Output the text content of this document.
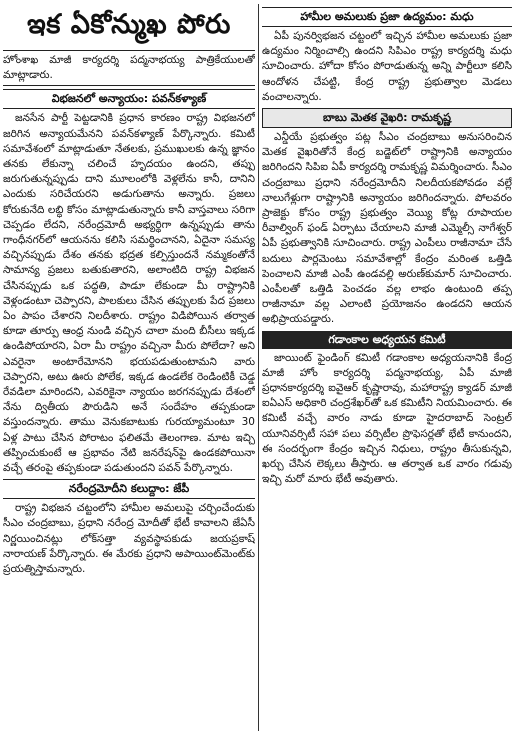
ఇక ఏకోన్ముఖ పోరు

హోంశాఖ మాజీ కార్యదర్శి పద్మనాభయ్య పాత్రికేయులతో మాట్లాడారు.

విభజనలో అన్యాయం: పవన్‌కళ్యాణ్

జనసేన పార్టీ పెట్టడానికి ప్రధాన కారణం రాష్ట్ర విభజనలో జరిగిన అన్యాయమేనని పవన్‌కళ్యాణ్ పేర్కొన్నారు. కమిటీ సమావేశంలో మాట్లాడుతూ నేతలకు, ప్రముఖులకు ఉన్న జ్ఞానం తనకు లేకున్నా చలించే హృదయం ఉందని, తప్పు జరుగుతున్నప్పుడు దాని మూలంలోకి వెళ్లలేను కానీ, దానిని ఎందుకు సరిచేయరని అడుగుతాను అన్నారు. ప్రజలు కోరుకునేది లబ్ధి కోసం మాట్లాడుతున్నారు కానీ వాస్తవాలు సరిగా చెప్పడం లేదని, నరేంద్రమోదీ అభ్యర్థిగా ఉన్నప్పుడు తాను గాంధీనగర్‌లో ఆయనను కలిసి సమర్థించానని, ఏదైనా సమస్య వచ్చినప్పుడు దేశం తనకు భద్రత కల్పిస్తుందనే నమ్మకంతోనే సామాన్య ప్రజలు బతుకుతారని, అలాంటిది రాష్ట్ర విభజన చేసినప్పుడు ఒక పద్ధతి, పాడూ లేకుండా మీ రాష్ట్రానికి వెళ్లండంటూ చెప్పారని, పాలకులు చేసిన తప్పులకు పేద ప్రజలు ఏం పాపం చేశారని నిలదీశారు. రాష్ట్రం విడిపోయిన తర్వాత కూడా తూర్పు ఆంధ్ర నుండి వచ్చిన చాలా మంది బీసీలు ఇక్కడ ఉండిపోయారని, ఏరా మీ రాష్ట్రం వచ్చినా మీరు పోలేదా? అని ఎవరైనా అంటారేమోనని భయపడుతుంటామని వారు చెప్పారని, అటు ఊరు పోలేక, ఇక్కడ ఉండలేక రెండింటికీ చెడ్డ రేవడిలా మారిందని, ఎవరికైనా న్యాయం జరగనప్పుడు దేశంలో నేను ద్వితీయ పౌరుడిని అనే సందేహం తప్పకుండా వస్తుందన్నారు. తాము వెనుకబాటుకు గురయ్యామంటూ 30 ఏళ్ల పాటు చేసిన పోరాటం ఫలితమే తెలంగాణ. మాట ఇచ్చి తప్పించుకుంటే ఆ ప్రభావం నేటి జనరేషన్‌పై ఉండకపోయినా వచ్చే తరంపై తప్పకుండా పడుతుందని పవన్ పేర్కొన్నారు.

నరేంద్రమోదీని కలుద్దాం: జేపీ

రాష్ట్ర విభజన చట్టంలోని హామీల అమలుపై చర్చించేందుకు సీఎం చంద్రబాబు, ప్రధాని నరేంద్ర మోదీతో భేటీ కావాలని జేఏసీ నిర్ణయించినట్లు లోక్‌సత్తా వ్యవస్థాపకుడు జయప్రకాష్ నారాయణ్ పేర్కొన్నారు. ఈ మేరకు ప్రధాని అపాయింట్‌మెంట్‌కు ప్రయత్నిస్తామన్నారు.

హామీల అమలుకు ప్రజా ఉద్యమం: మధు

ఏపీ పునర్విభజన చట్టంలో ఇచ్చిన హామీల అమలుకు ప్రజా ఉద్యమం నిర్మించాల్సి ఉందని సిపిఎం రాష్ట్ర కార్యదర్శి మధు సూచించారు. హోదా కోసం పోరాడుతున్న అన్ని పార్టీలూ కలిసి ఆందోళన చేపట్టి, కేంద్ర రాష్ట్ర ప్రభుత్వాల మెడలు వంచాలన్నారు.

బాబు మెతక వైఖరి: రామకృష్ణ

ఎన్డీయే ప్రభుత్వం పట్ల సీఎం చంద్రబాబు అనుసరించిన మెతక వైఖరితోనే కేంద్ర బడ్జెట్‌లో రాష్ట్రానికి అన్యాయం జరిగిందని సిపిఐ ఏపీ కార్యదర్శి రామకృష్ణ విమర్శించారు. సీఎం చంద్రబాబు ప్రధాని నరేంద్రమోదీని నిలదీయకపోవడం వల్లే నాలుగేళ్లుగా రాష్ట్రానికి అన్యాయం జరిగిందన్నారు. పోలవరం ప్రాజెక్టు కోసం రాష్ట్ర ప్రభుత్వం వెయ్యి కోట్ల రూపాయల రీవాల్వింగ్ ఫండ్ ఏర్పాటు చేయాలని మాజీ ఎమ్మెల్సీ నాగేశ్వర్ ఏపీ ప్రభుత్వానికి సూచించారు. రాష్ట్ర ఎంపీలు రాజీనామా చేసే బదులు పార్లమెంటు సమావేశాల్లో కేంద్రం మరింత ఒత్తిడి పెంచాలని మాజీ ఎంపీ ఉండవల్లి అరుణ్‌కుమార్ సూచించారు. ఎంపీలతో ఒత్తిడి పెంచడం వల్ల లాభం ఉంటుంది తప్ప రాజీనామా వల్ల ఎలాంటి ప్రయోజనం ఉండదని ఆయన అభిప్రాయపడ్డారు.

గడాంకాల అధ్యయన కమిటీ

జాయింట్ ఫైండింగ్ కమిటీ గడాంకాల అధ్యయనానికి కేంద్ర మాజీ హోం కార్యదర్శి పద్మనాభయ్య, ఏపీ మాజీ ప్రధానకార్యదర్శి ఐవైఆర్ కృష్ణారావు, మహారాష్ట్ర క్యాడర్ మాజీ ఐఏఎస్ అధికారి చంద్రశేఖర్‌తో ఒక కమిటీని నియమించారు. ఈ కమిటీ వచ్చే వారం నాడు కూడా హైదరాబాద్ సెంట్రల్ యూనివర్సిటీ సహా పలు వర్సిటీల ప్రొఫెసర్లతో భేటీ కానుందని, ఈ సందర్భంగా కేంద్రం ఇచ్చిన నిధులు, రాష్ట్రం తీసుకున్నవి, ఖర్చు చేసిన లెక్కలు తీస్తారు. ఆ తర్వాత ఒక వారం గడువు ఇచ్చి మరో మారు భేటీ అవుతారు.
